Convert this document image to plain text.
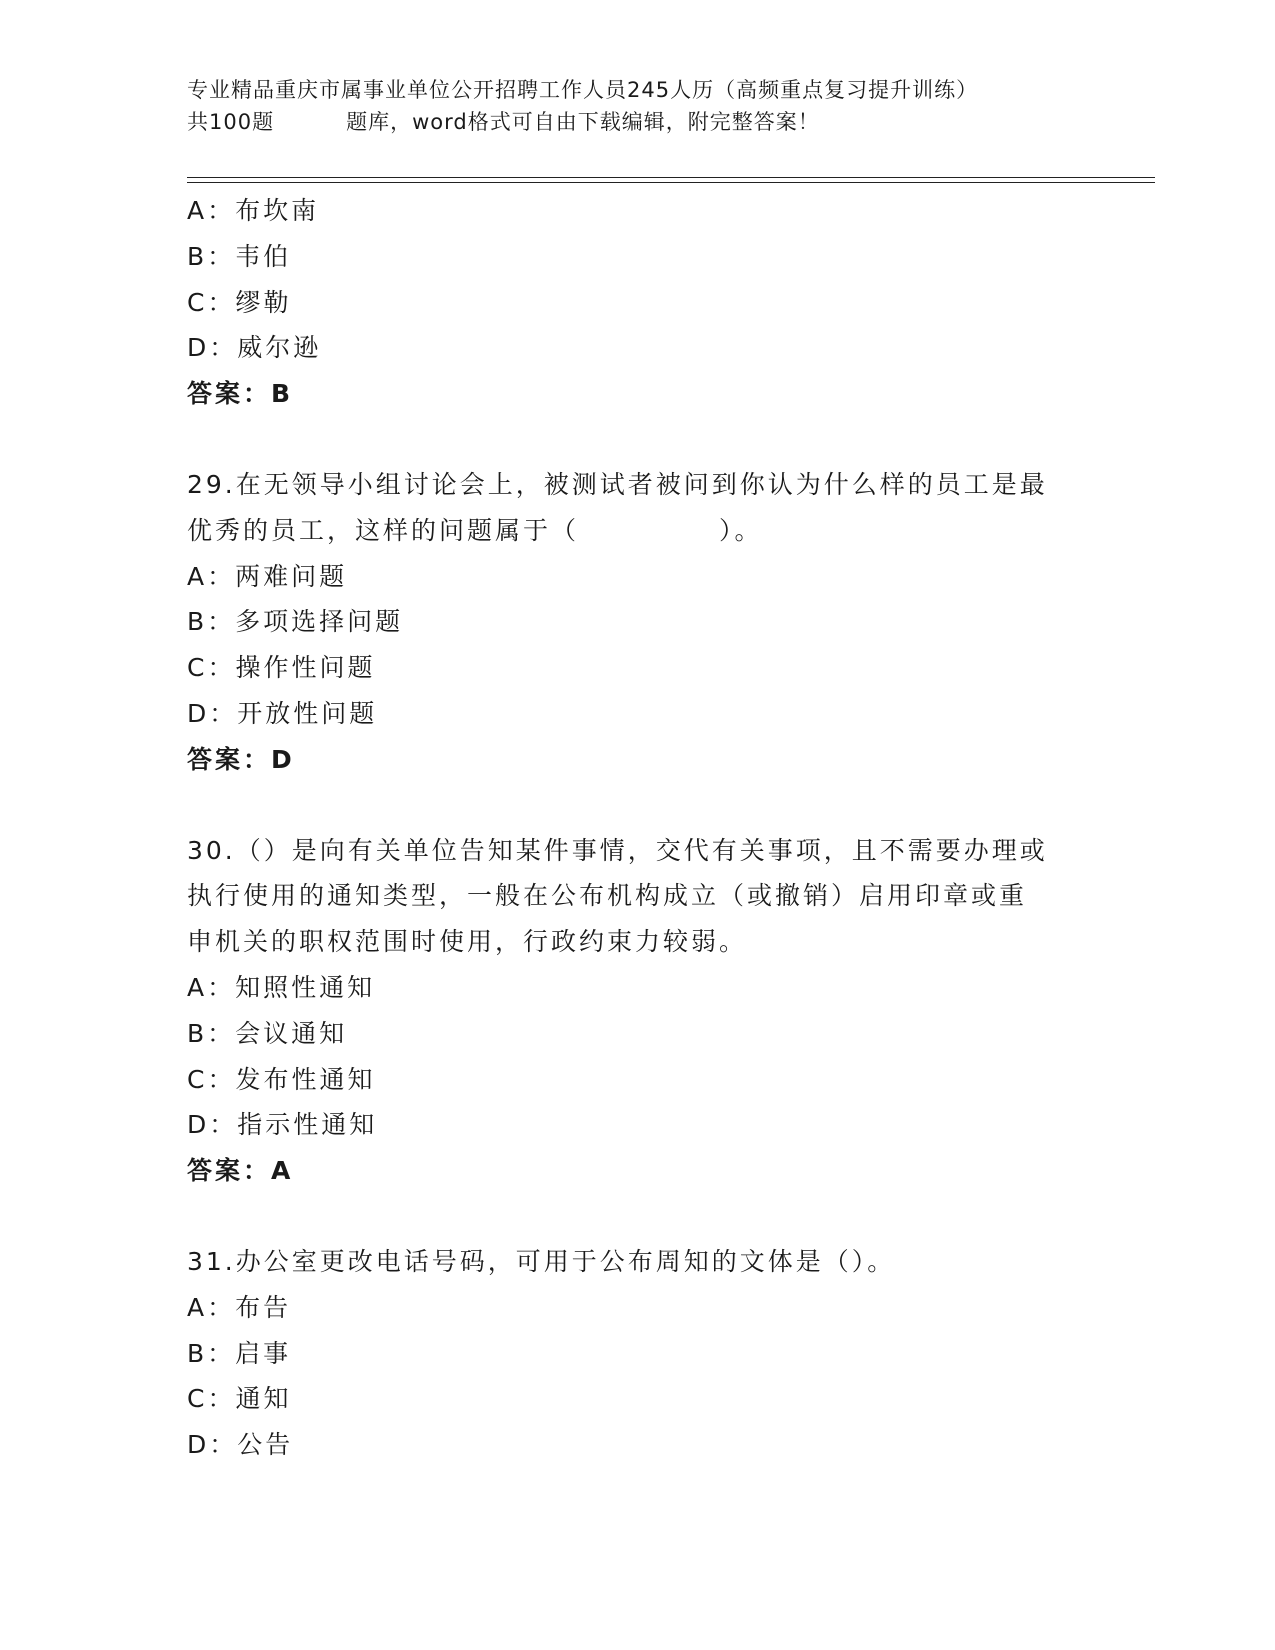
专业精品重庆市属事业单位公开招聘工作人员245人历（高频重点复习提升训练）
共100题	题库，word格式可自由下载编辑，附完整答案！
A：布坎南
B：韦伯
C：缪勒
D：威尔逊
答案：B
29.在无领导小组讨论会上，被测试者被问到你认为什么样的员工是最
优秀的员工，这样的问题属于（　　　　　）。
A：两难问题
B：多项选择问题
C：操作性问题
D：开放性问题
答案：D
30.（）是向有关单位告知某件事情，交代有关事项，且不需要办理或
执行使用的通知类型，一般在公布机构成立（或撤销）启用印章或重
申机关的职权范围时使用，行政约束力较弱。
A：知照性通知
B：会议通知
C：发布性通知
D：指示性通知
答案：A
31.办公室更改电话号码，可用于公布周知的文体是（）。
A：布告
B：启事
C：通知
D：公告
